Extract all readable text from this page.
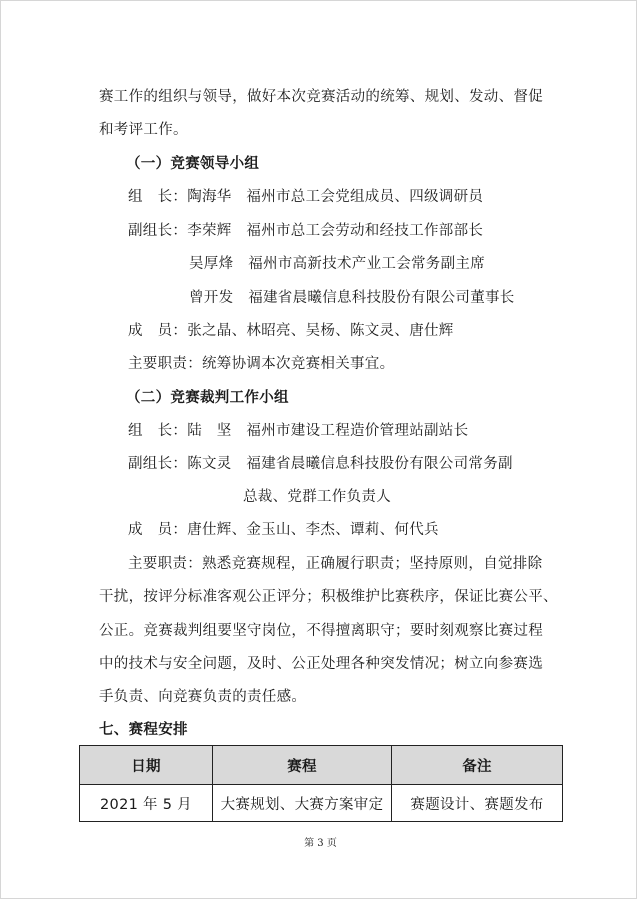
赛工作的组织与领导，做好本次竞赛活动的统筹、规划、发动、督促
和考评工作。
（一）竞赛领导小组
组　长：陶海华　福州市总工会党组成员、四级调研员
副组长：李荣辉　福州市总工会劳动和经技工作部部长
吴厚烽　福州市高新技术产业工会常务副主席
曾开发　福建省晨曦信息科技股份有限公司董事长
成　员：张之晶、林昭亮、吴杨、陈文灵、唐仕辉
主要职责：统筹协调本次竞赛相关事宜。
（二）竞赛裁判工作小组
组　长：陆　坚　福州市建设工程造价管理站副站长
副组长：陈文灵　福建省晨曦信息科技股份有限公司常务副
总裁、党群工作负责人
成　员：唐仕辉、金玉山、李杰、谭莉、何代兵
主要职责：熟悉竞赛规程，正确履行职责；坚持原则，自觉排除
干扰，按评分标准客观公正评分；积极维护比赛秩序，保证比赛公平、
公正。竞赛裁判组要坚守岗位，不得擅离职守；要时刻观察比赛过程
中的技术与安全问题，及时、公正处理各种突发情况；树立向参赛选
手负责、向竞赛负责的责任感。
七、赛程安排
日期	赛程	备注
2021 年 5 月	大赛规划、大赛方案审定	赛题设计、赛题发布
第 3 页
